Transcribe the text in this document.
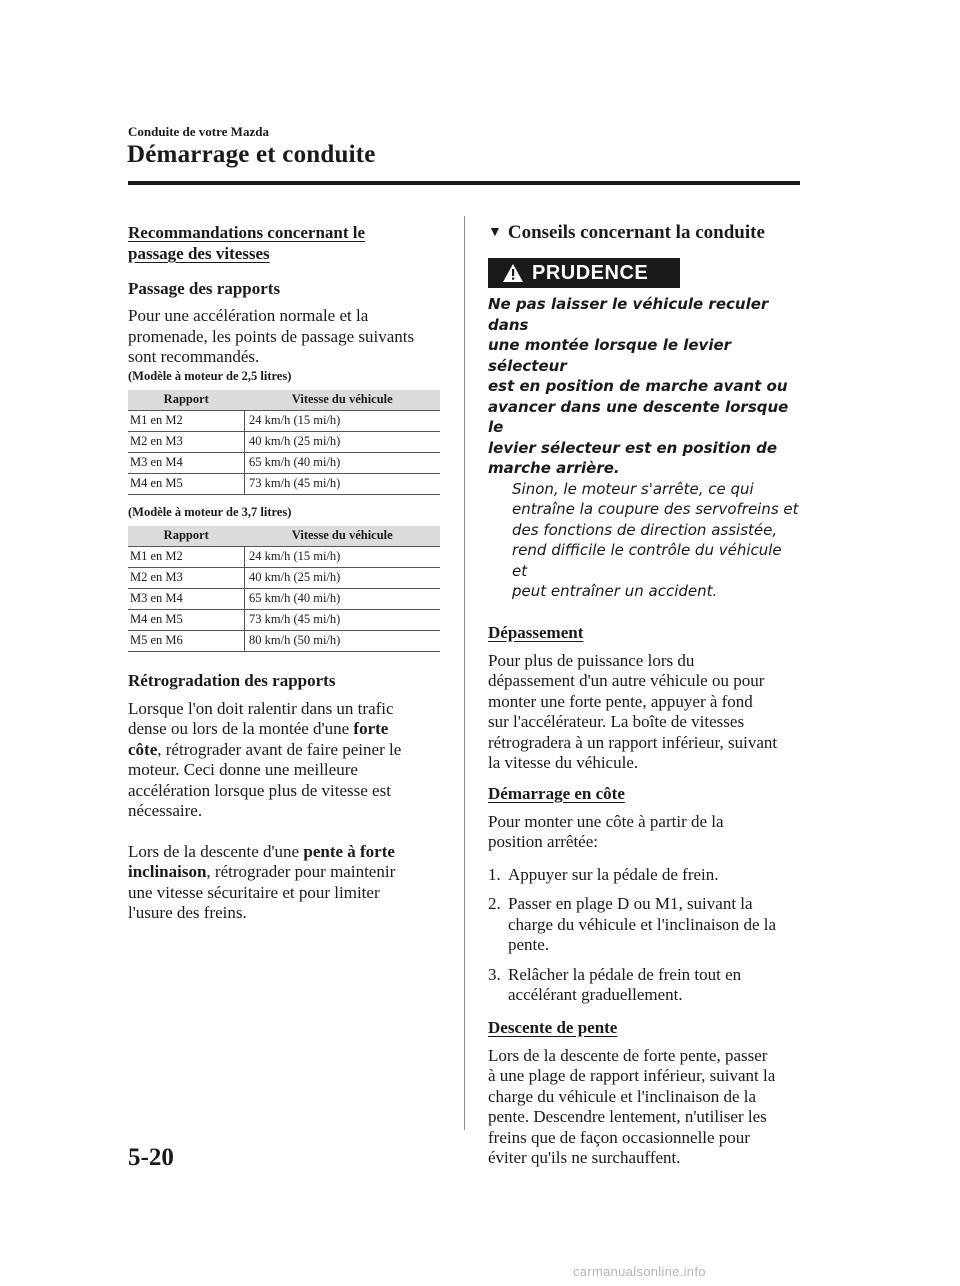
Conduite de votre Mazda
Démarrage et conduite

Recommandations concernant le

passage des vitesses

Passage des rapports

Pour une accélération normale et la

promenade, les points de passage suivants

sont recommandés.

(Modèle à moteur de 2,5 litres)

Rapport	Vitesse du véhicule
M1 en M2	24 km/h (15 mi/h)
M2 en M3	40 km/h (25 mi/h)
M3 en M4	65 km/h (40 mi/h)
M4 en M5	73 km/h (45 mi/h)

(Modèle à moteur de 3,7 litres)

Rapport	Vitesse du véhicule
M1 en M2	24 km/h (15 mi/h)
M2 en M3	40 km/h (25 mi/h)
M3 en M4	65 km/h (40 mi/h)
M4 en M5	73 km/h (45 mi/h)
M5 en M6	80 km/h (50 mi/h)

Rétrogradation des rapports

Lorsque l'on doit ralentir dans un trafic

dense ou lors de la montée d'une forte

côte, rétrograder avant de faire peiner le

moteur. Ceci donne une meilleure

accélération lorsque plus de vitesse est

nécessaire.

Lors de la descente d'une pente à forte

inclinaison, rétrograder pour maintenir

une vitesse sécuritaire et pour limiter

l'usure des freins.

▼ Conseils concernant la conduite

PRUDENCE

Ne pas laisser le véhicule reculer dans

une montée lorsque le levier sélecteur

est en position de marche avant ou

avancer dans une descente lorsque le

levier sélecteur est en position de

marche arrière.

Sinon, le moteur s'arrête, ce qui

entraîne la coupure des servofreins et

des fonctions de direction assistée,

rend difficile le contrôle du véhicule et

peut entraîner un accident.

Dépassement

Pour plus de puissance lors du

dépassement d'un autre véhicule ou pour

monter une forte pente, appuyer à fond

sur l'accélérateur. La boîte de vitesses

rétrogradera à un rapport inférieur, suivant

la vitesse du véhicule.

Démarrage en côte

Pour monter une côte à partir de la

position arrêtée:

1. Appuyer sur la pédale de frein.
2. Passer en plage D ou M1, suivant la
charge du véhicule et l'inclinaison de la
pente.
3. Relâcher la pédale de frein tout en
accélérant graduellement.

Descente de pente

Lors de la descente de forte pente, passer

à une plage de rapport inférieur, suivant la

charge du véhicule et l'inclinaison de la

pente. Descendre lentement, n'utiliser les

freins que de façon occasionnelle pour

éviter qu'ils ne surchauffent.

5-20
carmanualsonline.info
